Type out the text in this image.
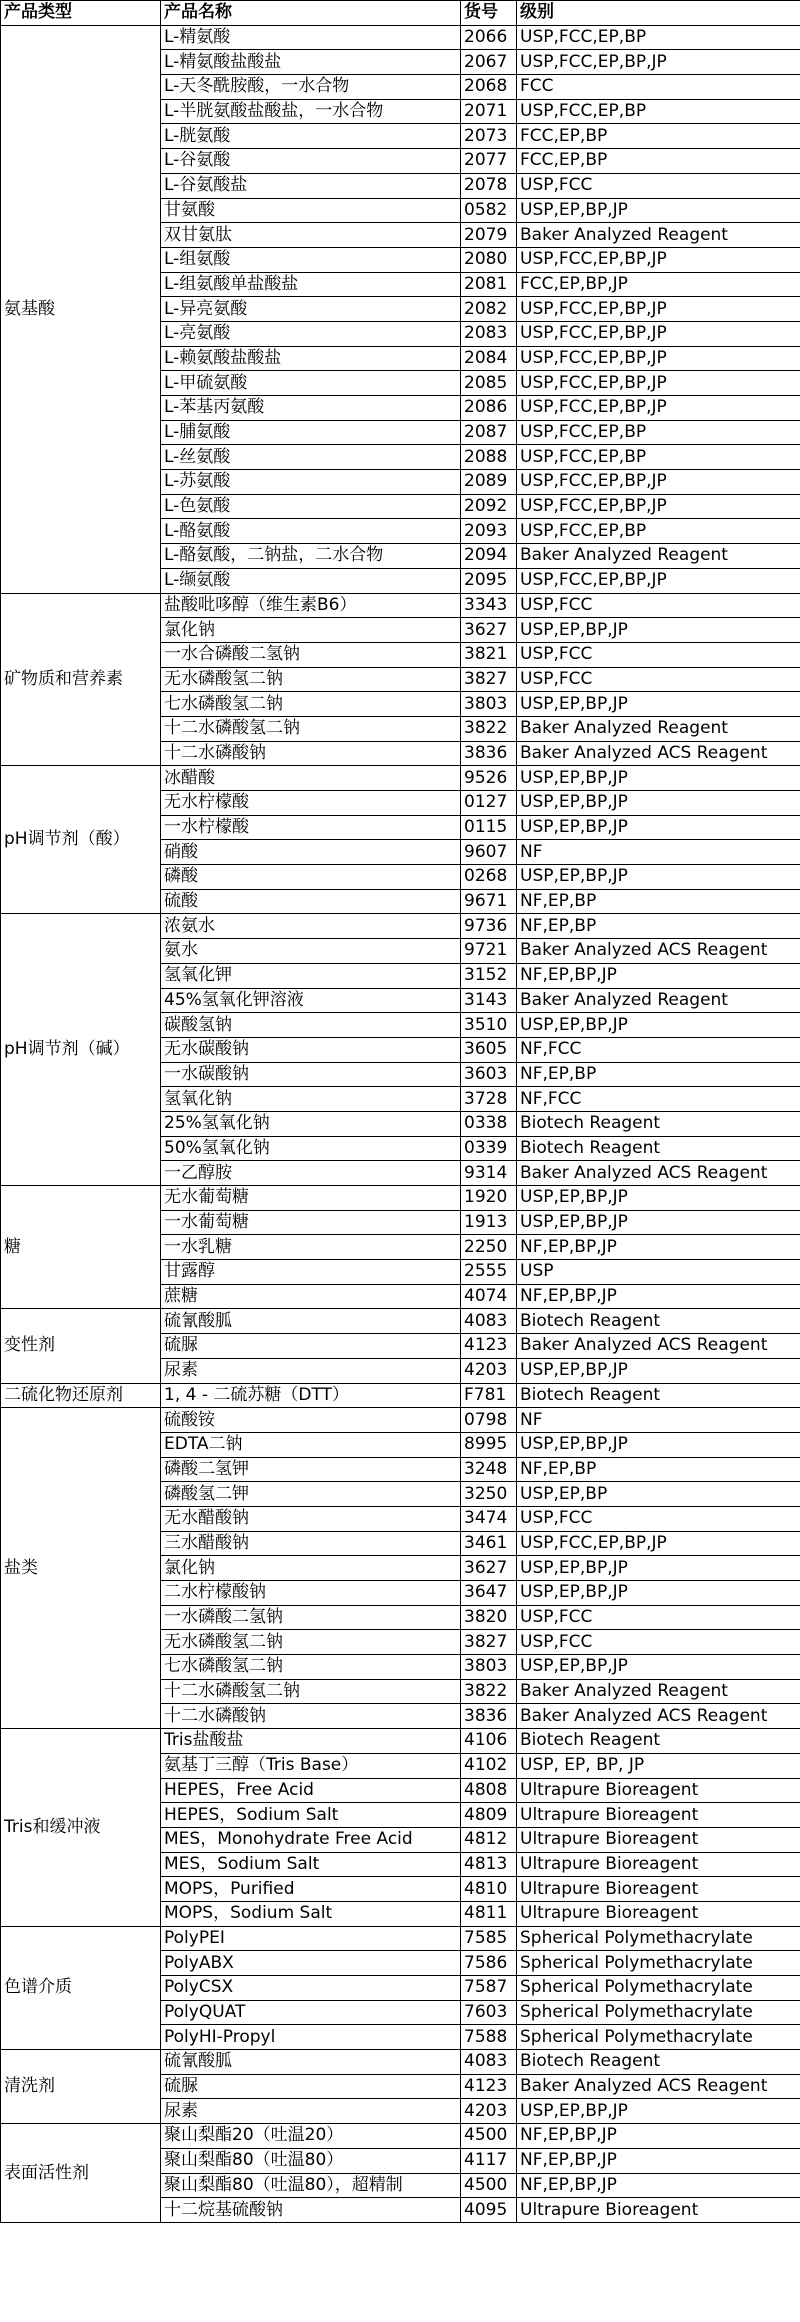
产品类型	产品名称	货号	级别
氨基酸	L-精氨酸	2066	USP,FCC,EP,BP
	L-精氨酸盐酸盐	2067	USP,FCC,EP,BP,JP
	L-天冬酰胺酸，一水合物	2068	FCC
	L-半胱氨酸盐酸盐，一水合物	2071	USP,FCC,EP,BP
	L-胱氨酸	2073	FCC,EP,BP
	L-谷氨酸	2077	FCC,EP,BP
	L-谷氨酸盐	2078	USP,FCC
	甘氨酸	0582	USP,EP,BP,JP
	双甘氨肽	2079	Baker Analyzed Reagent
	L-组氨酸	2080	USP,FCC,EP,BP,JP
	L-组氨酸单盐酸盐	2081	FCC,EP,BP,JP
	L-异亮氨酸	2082	USP,FCC,EP,BP,JP
	L-亮氨酸	2083	USP,FCC,EP,BP,JP
	L-赖氨酸盐酸盐	2084	USP,FCC,EP,BP,JP
	L-甲硫氨酸	2085	USP,FCC,EP,BP,JP
	L-苯基丙氨酸	2086	USP,FCC,EP,BP,JP
	L-脯氨酸	2087	USP,FCC,EP,BP
	L-丝氨酸	2088	USP,FCC,EP,BP
	L-苏氨酸	2089	USP,FCC,EP,BP,JP
	L-色氨酸	2092	USP,FCC,EP,BP,JP
	L-酪氨酸	2093	USP,FCC,EP,BP
	L-酪氨酸，二钠盐，二水合物	2094	Baker Analyzed Reagent
	L-缬氨酸	2095	USP,FCC,EP,BP,JP
矿物质和营养素	盐酸吡哆醇（维生素B6）	3343	USP,FCC
	氯化钠	3627	USP,EP,BP,JP
	一水合磷酸二氢钠	3821	USP,FCC
	无水磷酸氢二钠	3827	USP,FCC
	七水磷酸氢二钠	3803	USP,EP,BP,JP
	十二水磷酸氢二钠	3822	Baker Analyzed Reagent
	十二水磷酸钠	3836	Baker Analyzed ACS Reagent
pH调节剂（酸）	冰醋酸	9526	USP,EP,BP,JP
	无水柠檬酸	0127	USP,EP,BP,JP
	一水柠檬酸	0115	USP,EP,BP,JP
	硝酸	9607	NF
	磷酸	0268	USP,EP,BP,JP
	硫酸	9671	NF,EP,BP
pH调节剂（碱）	浓氨水	9736	NF,EP,BP
	氨水	9721	Baker Analyzed ACS Reagent
	氢氧化钾	3152	NF,EP,BP,JP
	45%氢氧化钾溶液	3143	Baker Analyzed Reagent
	碳酸氢钠	3510	USP,EP,BP,JP
	无水碳酸钠	3605	NF,FCC
	一水碳酸钠	3603	NF,EP,BP
	氢氧化钠	3728	NF,FCC
	25%氢氧化钠	0338	Biotech Reagent
	50%氢氧化钠	0339	Biotech Reagent
	一乙醇胺	9314	Baker Analyzed ACS Reagent
糖	无水葡萄糖	1920	USP,EP,BP,JP
	一水葡萄糖	1913	USP,EP,BP,JP
	一水乳糖	2250	NF,EP,BP,JP
	甘露醇	2555	USP
	蔗糖	4074	NF,EP,BP,JP
变性剂	硫氰酸胍	4083	Biotech Reagent
	硫脲	4123	Baker Analyzed ACS Reagent
	尿素	4203	USP,EP,BP,JP
二硫化物还原剂	1, 4 - 二硫苏糖（DTT）	F781	Biotech Reagent
盐类	硫酸铵	0798	NF
	EDTA二钠	8995	USP,EP,BP,JP
	磷酸二氢钾	3248	NF,EP,BP
	磷酸氢二钾	3250	USP,EP,BP
	无水醋酸钠	3474	USP,FCC
	三水醋酸钠	3461	USP,FCC,EP,BP,JP
	氯化钠	3627	USP,EP,BP,JP
	二水柠檬酸钠	3647	USP,EP,BP,JP
	一水磷酸二氢钠	3820	USP,FCC
	无水磷酸氢二钠	3827	USP,FCC
	七水磷酸氢二钠	3803	USP,EP,BP,JP
	十二水磷酸氢二钠	3822	Baker Analyzed Reagent
	十二水磷酸钠	3836	Baker Analyzed ACS Reagent
Tris和缓冲液	Tris盐酸盐	4106	Biotech Reagent
	氨基丁三醇（Tris Base）	4102	USP, EP, BP, JP
	HEPES，Free Acid	4808	Ultrapure Bioreagent
	HEPES，Sodium Salt	4809	Ultrapure Bioreagent
	MES，Monohydrate Free Acid	4812	Ultrapure Bioreagent
	MES，Sodium Salt	4813	Ultrapure Bioreagent
	MOPS，Purified	4810	Ultrapure Bioreagent
	MOPS，Sodium Salt	4811	Ultrapure Bioreagent
色谱介质	PolyPEI	7585	Spherical Polymethacrylate
	PolyABX	7586	Spherical Polymethacrylate
	PolyCSX	7587	Spherical Polymethacrylate
	PolyQUAT	7603	Spherical Polymethacrylate
	PolyHI-Propyl	7588	Spherical Polymethacrylate
清洗剂	硫氰酸胍	4083	Biotech Reagent
	硫脲	4123	Baker Analyzed ACS Reagent
	尿素	4203	USP,EP,BP,JP
表面活性剂	聚山梨酯20（吐温20）	4500	NF,EP,BP,JP
	聚山梨酯80（吐温80）	4117	NF,EP,BP,JP
	聚山梨酯80（吐温80），超精制	4500	NF,EP,BP,JP
	十二烷基硫酸钠	4095	Ultrapure Bioreagent
